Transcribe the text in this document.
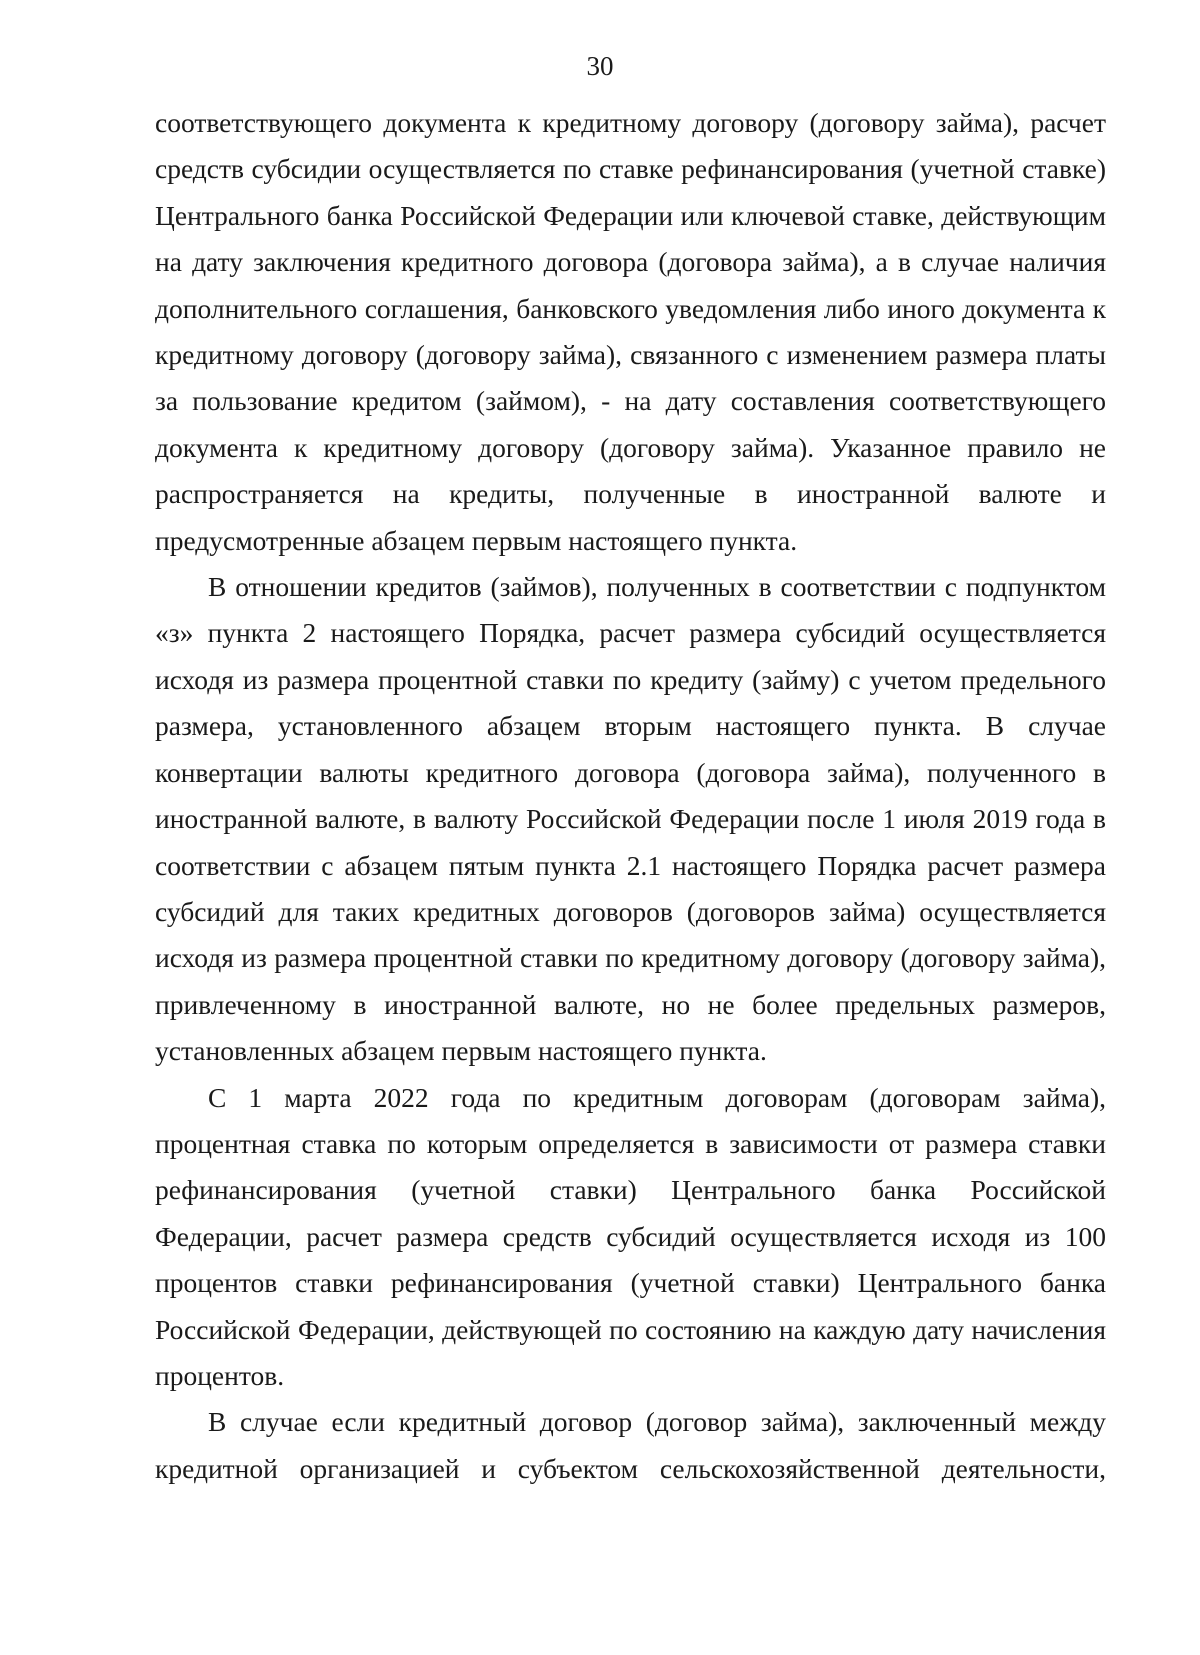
30

соответствующего документа к кредитному договору (договору займа), расчет средств субсидии осуществляется по ставке рефинансирования (учетной ставке) Центрального банка Российской Федерации или ключевой ставке, действующим на дату заключения кредитного договора (договора займа), а в случае наличия дополнительного соглашения, банковского уведомления либо иного документа к кредитному договору (договору займа), связанного с изменением размера платы за пользование кредитом (займом), - на дату составления соответствующего документа к кредитному договору (договору займа). Указанное правило не распространяется на кредиты, полученные в иностранной валюте и предусмотренные абзацем первым настоящего пункта.

В отношении кредитов (займов), полученных в соответствии с подпунктом «з» пункта 2 настоящего Порядка, расчет размера субсидий осуществляется исходя из размера процентной ставки по кредиту (займу) с учетом предельного размера, установленного абзацем вторым настоящего пункта. В случае конвертации валюты кредитного договора (договора займа), полученного в иностранной валюте, в валюту Российской Федерации после 1 июля 2019 года в соответствии с абзацем пятым пункта 2.1 настоящего Порядка расчет размера субсидий для таких кредитных договоров (договоров займа) осуществляется исходя из размера процентной ставки по кредитному договору (договору займа), привлеченному в иностранной валюте, но не более предельных размеров, установленных абзацем первым настоящего пункта.

С 1 марта 2022 года по кредитным договорам (договорам займа), процентная ставка по которым определяется в зависимости от размера ставки рефинансирования (учетной ставки) Центрального банка Российской Федерации, расчет размера средств субсидий осуществляется исходя из 100 процентов ставки рефинансирования (учетной ставки) Центрального банка Российской Федерации, действующей по состоянию на каждую дату начисления процентов.

В случае если кредитный договор (договор займа), заключенный между кредитной организацией и субъектом сельскохозяйственной деятельности,
